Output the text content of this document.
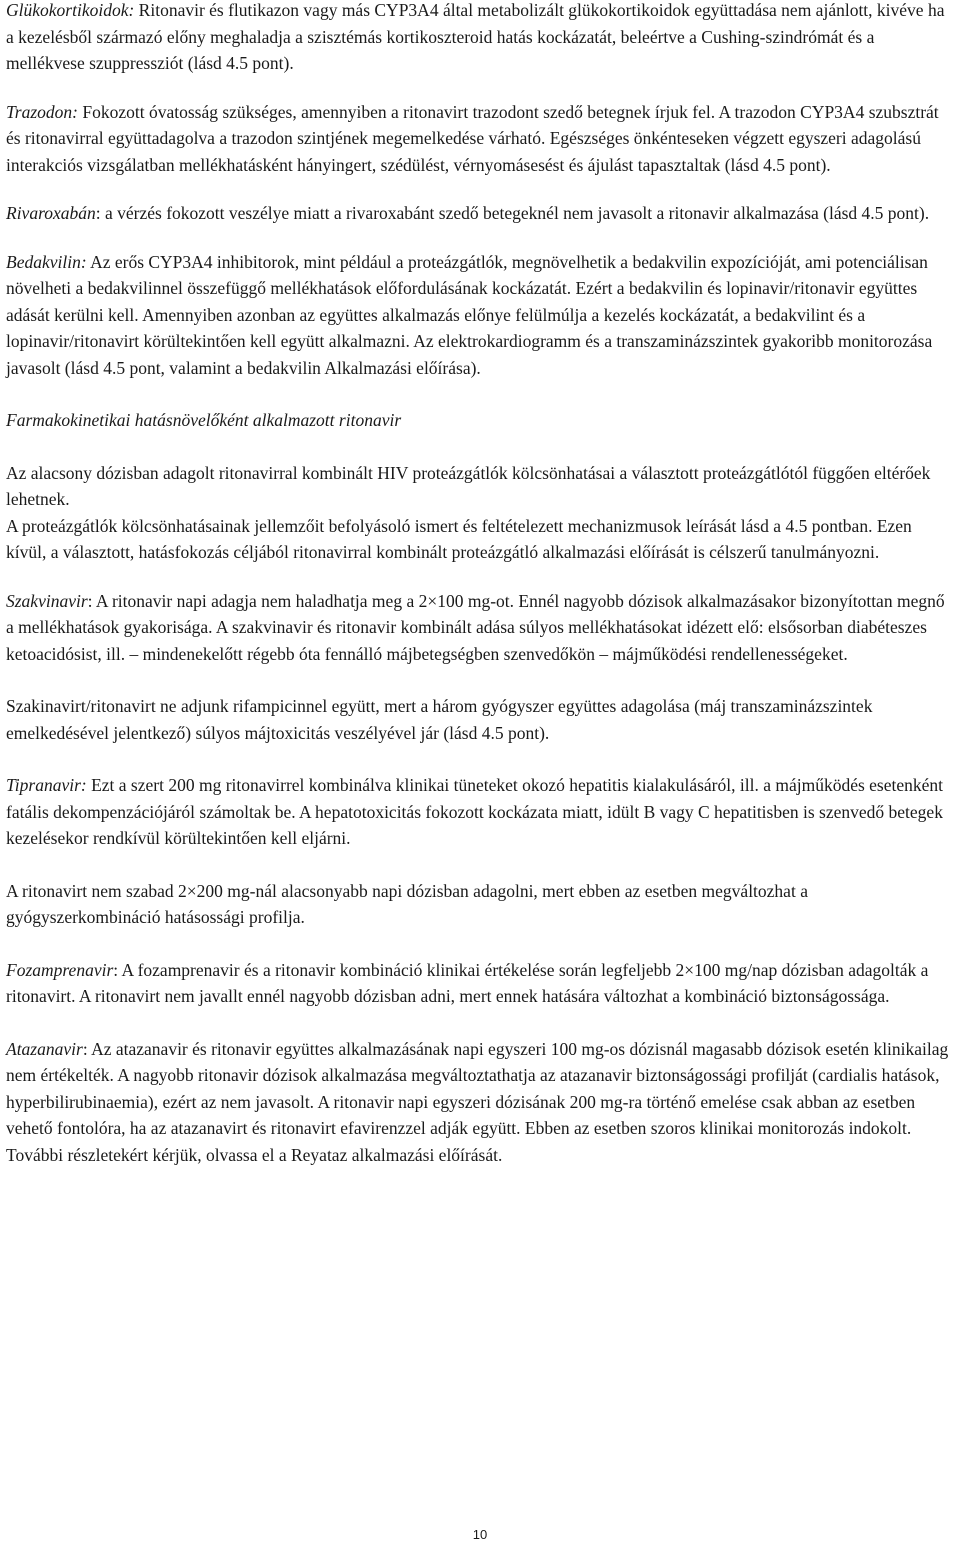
Glükokortikoidok: Ritonavir és flutikazon vagy más CYP3A4 által metabolizált glükokortikoidok együttadása nem ajánlott, kivéve ha a kezelésből származó előny meghaladja a szisztémás kortikoszteroid hatás kockázatát, beleértve a Cushing-szindrómát és a mellékvese szuppressziót (lásd 4.5 pont).

Trazodon: Fokozott óvatosság szükséges, amennyiben a ritonavirt trazodont szedő betegnek írjuk fel. A trazodon CYP3A4 szubsztrát és ritonavirral együttadagolva a trazodon szintjének megemelkedése várható. Egészséges önkénteseken végzett egyszeri adagolású interakciós vizsgálatban mellékhatásként hányingert, szédülést, vérnyomásesést és ájulást tapasztaltak (lásd 4.5 pont).

Rivaroxabán: a vérzés fokozott veszélye miatt a rivaroxabánt szedő betegeknél nem javasolt a ritonavir alkalmazása (lásd 4.5 pont).

Bedakvilin: Az erős CYP3A4 inhibitorok, mint például a proteázgátlók, megnövelhetik a bedakvilin expozícióját, ami potenciálisan növelheti a bedakvilinnel összefüggő mellékhatások előfordulásának kockázatát. Ezért a bedakvilin és lopinavir/ritonavir együttes adását kerülni kell. Amennyiben azonban az együttes alkalmazás előnye felülmúlja a kezelés kockázatát, a bedakvilint és a lopinavir/ritonavirt körültekintően kell együtt alkalmazni. Az elektrokardiogramm és a transzaminázszintek gyakoribb monitorozása javasolt (lásd 4.5 pont, valamint a bedakvilin Alkalmazási előírása).

Farmakokinetikai hatásnövelőként alkalmazott ritonavir

Az alacsony dózisban adagolt ritonavirral kombinált HIV proteázgátlók kölcsönhatásai a választott proteázgátlótól függően eltérőek lehetnek.

A proteázgátlók kölcsönhatásainak jellemzőit befolyásoló ismert és feltételezett mechanizmusok leírását lásd a 4.5 pontban. Ezen kívül, a választott, hatásfokozás céljából ritonavirral kombinált proteázgátló alkalmazási előírását is célszerű tanulmányozni.

Szakvinavir: A ritonavir napi adagja nem haladhatja meg a 2×100 mg-ot. Ennél nagyobb dózisok alkalmazásakor bizonyítottan megnő a mellékhatások gyakorisága. A szakvinavir és ritonavir kombinált adása súlyos mellékhatásokat idézett elő: elsősorban diabéteszes ketoacidósist, ill. – mindenekelőtt régebb óta fennálló májbetegségben szenvedőkön – májműködési rendellenességeket.

Szakinavirt/ritonavirt ne adjunk rifampicinnel együtt, mert a három gyógyszer együttes adagolása (máj transzaminázszintek emelkedésével jelentkező) súlyos májtoxicitás veszélyével jár (lásd 4.5 pont).

Tipranavir: Ezt a szert 200 mg ritonavirrel kombinálva klinikai tüneteket okozó hepatitis kialakulásáról, ill. a májműködés esetenként fatális dekompenzációjáról számoltak be. A hepatotoxicitás fokozott kockázata miatt, idült B vagy C hepatitisben is szenvedő betegek kezelésekor rendkívül körültekintően kell eljárni.

A ritonavirt nem szabad 2×200 mg-nál alacsonyabb napi dózisban adagolni, mert ebben az esetben megváltozhat a gyógyszerkombináció hatásossági profilja.

Fozamprenavir: A fozamprenavir és a ritonavir kombináció klinikai értékelése során legfeljebb 2×100 mg/nap dózisban adagolták a ritonavirt. A ritonavirt nem javallt ennél nagyobb dózisban adni, mert ennek hatására változhat a kombináció biztonságossága.

Atazanavir: Az atazanavir és ritonavir együttes alkalmazásának napi egyszeri 100 mg-os dózisnál magasabb dózisok esetén klinikailag nem értékelték. A nagyobb ritonavir dózisok alkalmazása megváltoztathatja az atazanavir biztonságossági profilját (cardialis hatások, hyperbilirubinaemia), ezért az nem javasolt. A ritonavir napi egyszeri dózisának 200 mg-ra történő emelése csak abban az esetben vehető fontolóra, ha az atazanavirt és ritonavirt efavirenzzel adják együtt. Ebben az esetben szoros klinikai monitorozás indokolt. További részletekért kérjük, olvassa el a Reyataz alkalmazási előírását.

10
